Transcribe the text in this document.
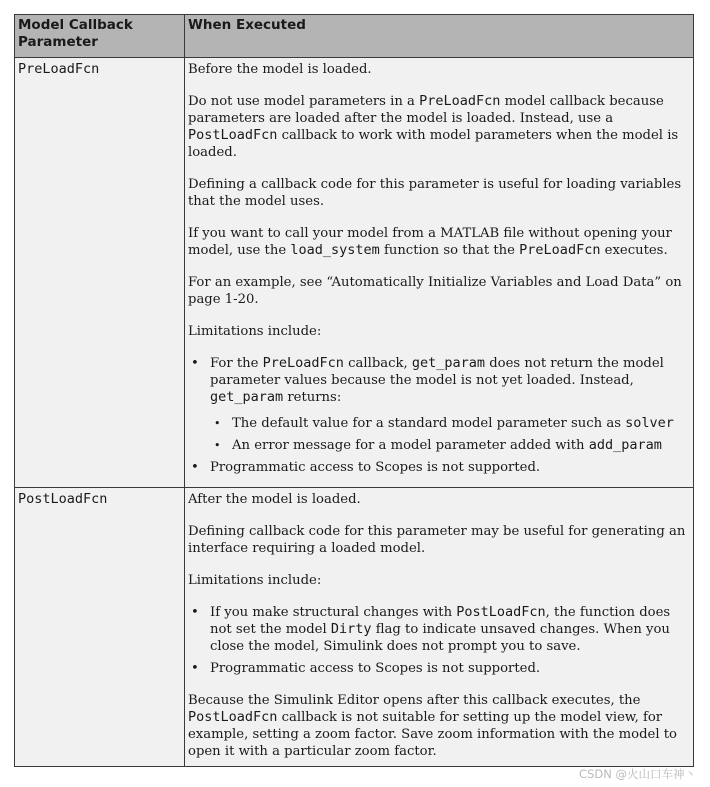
Model Callback Parameter	When Executed
PreLoadFcn	Before the model is loaded.

Do not use model parameters in a PreLoadFcn model callback because parameters are loaded after the model is loaded. Instead, use a PostLoadFcn callback to work with model parameters when the model is loaded.

Defining a callback code for this parameter is useful for loading variables that the model uses.

If you want to call your model from a MATLAB file without opening your model, use the load_system function so that the PreLoadFcn executes.

For an example, see “Automatically Initialize Variables and Load Data” on page 1-20.

Limitations include:

• For the PreLoadFcn callback, get_param does not return the model parameter values because the model is not yet loaded. Instead, get_param returns:
• The default value for a standard model parameter such as solver
• An error message for a model parameter added with add_param
• Programmatic access to Scopes is not supported.

PostLoadFcn	After the model is loaded.

Defining callback code for this parameter may be useful for generating an interface requiring a loaded model.

Limitations include:

• If you make structural changes with PostLoadFcn, the function does not set the model Dirty flag to indicate unsaved changes. When you close the model, Simulink does not prompt you to save.
• Programmatic access to Scopes is not supported.

Because the Simulink Editor opens after this callback executes, the PostLoadFcn callback is not suitable for setting up the model view, for example, setting a zoom factor. Save zoom information with the model to open it with a particular zoom factor.

CSDN @火山口车神丶
